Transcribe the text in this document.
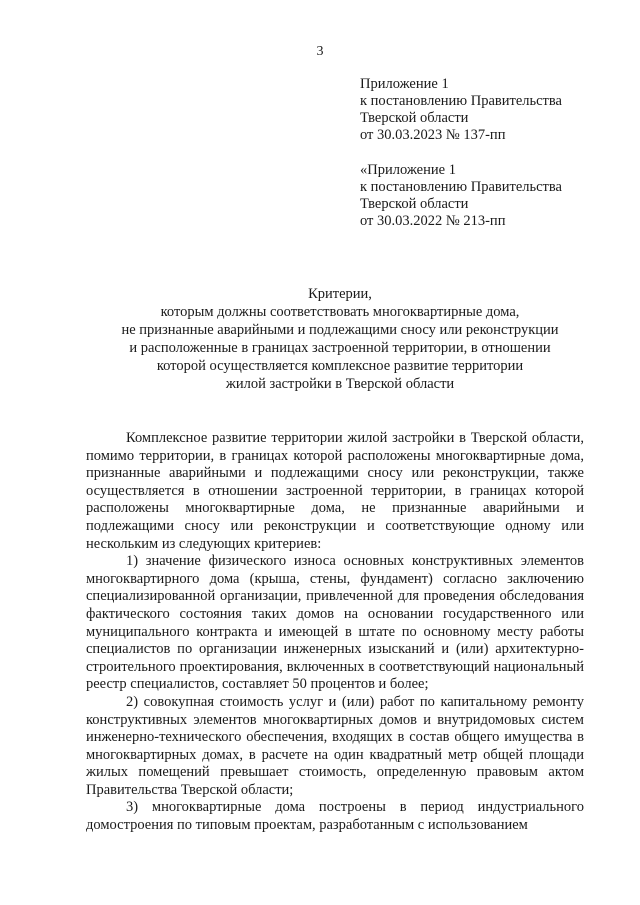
3
Приложение 1
к постановлению Правительства
Тверской области
от 30.03.2023 № 137-пп
«Приложение 1
к постановлению Правительства
Тверской области
от 30.03.2022 № 213-пп
Критерии,
которым должны соответствовать многоквартирные дома,
не признанные аварийными и подлежащими сносу или реконструкции
и расположенные в границах застроенной территории, в отношении
которой осуществляется комплексное развитие территории
жилой застройки в Тверской области

Комплексное развитие территории жилой застройки в Тверской области, помимо территории, в границах которой расположены многоквартирные дома, признанные аварийными и подлежащими сносу или реконструкции, также осуществляется в отношении застроенной территории, в границах которой расположены многоквартирные дома, не признанные аварийными и подлежащими сносу или реконструкции и соответствующие одному или нескольким из следующих критериев:

1) значение физического износа основных конструктивных элементов многоквартирного дома (крыша, стены, фундамент) согласно заключению специализированной организации, привлеченной для проведения обследования фактического состояния таких домов на основании государственного или муниципального контракта и имеющей в штате по основному месту работы специалистов по организации инженерных изысканий и (или) архитектурно-строительного проектирования, включенных в соответствующий национальный реестр специалистов, составляет 50 процентов и более;

2) совокупная стоимость услуг и (или) работ по капитальному ремонту конструктивных элементов многоквартирных домов и внутридомовых систем инженерно-технического обеспечения, входящих в состав общего имущества в многоквартирных домах, в расчете на один квадратный метр общей площади жилых помещений превышает стоимость, определенную правовым актом Правительства Тверской области;

3) многоквартирные дома построены в период индустриального домостроения по типовым проектам, разработанным с использованием
